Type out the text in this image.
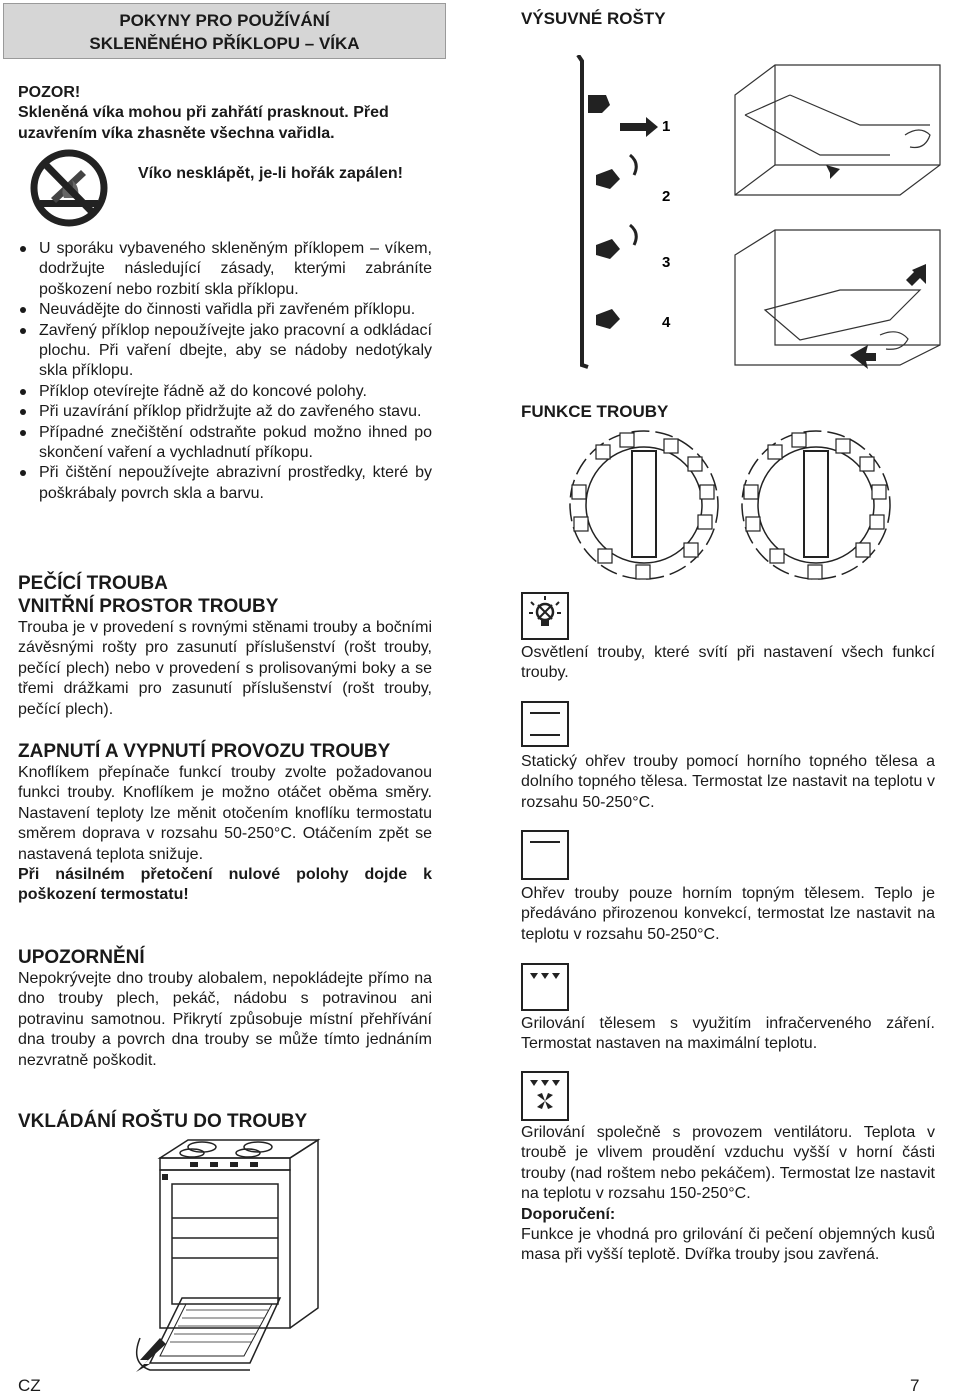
POKYNY PRO POUŽÍVÁNÍ
SKLENĚNÉHO PŘÍKLOPU – VÍKA
POZOR!
Skleněná víka mohou při zahřátí prasknout. Před
uzavřením víka zhasněte všechna vařidla.
Víko nesklápět, je-li hořák zapálen!
U sporáku vybaveného skleněným příklopem – víkem, dodržujte následující zásady, kterými zabráníte poškození nebo rozbití skla příklopu.
Neuvádějte do činnosti vařidla při zavřeném příklopu.
Zavřený příklop nepoužívejte jako pracovní a odkládací plochu. Při vaření dbejte, aby se nádoby nedotýkaly skla příklopu.
Příklop otevírejte řádně až do koncové polohy.
Při uzavírání příklop přidržujte až do zavřeného stavu.
Případné znečištění odstraňte pokud možno ihned po skončení vaření a vychladnutí příkopu.
Při čištění nepoužívejte abrazivní prostředky, které by poškrábaly povrch skla a barvu.
PEČÍCÍ TROUBA
VNITŘNÍ PROSTOR TROUBY
Trouba je v provedení s rovnými stěnami trouby a bočními závěsnými rošty pro zasunutí příslušenství (rošt trouby, pečící plech) nebo v provedení s prolisovanými boky a se třemi drážkami pro zasunutí příslušenství (rošt trouby, pečící plech).
ZAPNUTÍ A VYPNUTÍ PROVOZU TROUBY
Knoflíkem přepínače funkcí trouby zvolte požadovanou funkci trouby. Knoflíkem je možno otáčet oběma směry. Nastavení teploty lze měnit otočením knoflíku termostatu směrem doprava v rozsahu 50-250°C. Otáčením zpět se nastavená teplota snižuje.
Při násilném přetočení nulové polohy dojde k poškození termostatu!
UPOZORNĚNÍ
Nepokrývejte dno trouby alobalem, nepokládejte přímo na dno trouby plech, pekáč, nádobu s potravinou ani potravinu samotnou. Přikrytí způsobuje místní přehřívání dna trouby a povrch dna trouby se může tímto jednáním nezvratně poškodit.
VKLÁDÁNÍ ROŠTU DO TROUBY
VÝSUVNÉ ROŠTY
1
2
3
4
FUNKCE TROUBY
Osvětlení trouby, které svítí při nastavení všech funkcí trouby.
Statický ohřev trouby pomocí horního topného tělesa a dolního topného tělesa. Termostat lze nastavit na teplotu v rozsahu 50-250°C.
Ohřev trouby pouze horním topným tělesem. Teplo je předáváno přirozenou konvekcí, termostat lze nastavit na teplotu v rozsahu 50-250°C.
Grilování tělesem s využitím infračerveného záření. Termostat nastaven na maximální teplotu.
Grilování společně s provozem ventilátoru. Teplota v troubě je vlivem proudění vzduchu vyšší v horní části trouby (nad roštem nebo pekáčem). Termostat lze nastavit na teplotu v rozsahu 150-250°C.
Doporučení:
Funkce je vhodná pro grilování či pečení objemných kusů masa při vyšší teplotě. Dvířka trouby jsou zavřená.
CZ	7
